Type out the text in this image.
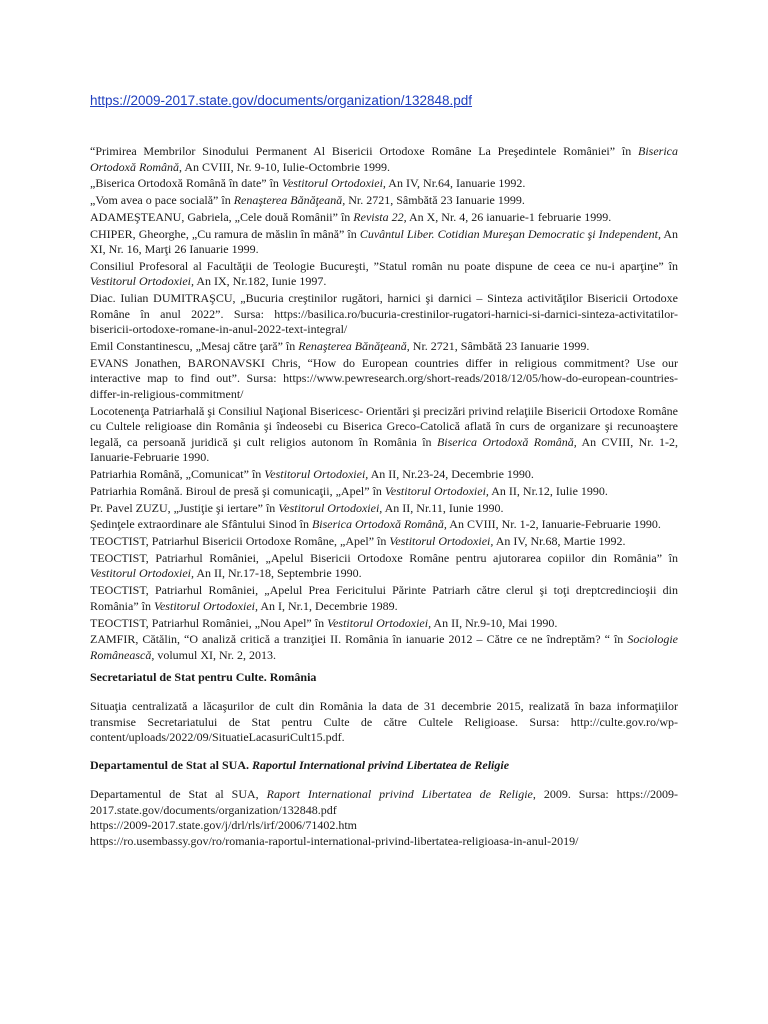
https://2009-2017.state.gov/documents/organization/132848.pdf

“Primirea Membrilor Sinodului Permanent Al Bisericii Ortodoxe Române La Preşedintele României” în Biserica Ortodoxă Română, An CVIII, Nr. 9-10, Iulie-Octombrie 1999.

„Biserica Ortodoxă Română în date” în Vestitorul Ortodoxiei, An IV, Nr.64, Ianuarie 1992.

„Vom avea o pace socială” în Renaşterea Bănăţeană, Nr. 2721, Sâmbătă 23 Ianuarie 1999.

ADAMEŞTEANU, Gabriela, „Cele două Românii” în Revista 22, An X, Nr. 4, 26 ianuarie-1 februarie 1999.

CHIPER, Gheorghe, „Cu ramura de măslin în mână” în Cuvântul Liber. Cotidian Mureşan Democratic şi Independent, An XI, Nr. 16, Marţi 26 Ianuarie 1999.

Consiliul Profesoral al Facultăţii de Teologie Bucureşti, ”Statul român nu poate dispune de ceea ce nu-i aparţine” în Vestitorul Ortodoxiei, An IX, Nr.182, Iunie 1997.

Diac. Iulian DUMITRAŞCU, „Bucuria creştinilor rugători, harnici şi darnici – Sinteza activităţilor Bisericii Ortodoxe Române în anul 2022”. Sursa: https://basilica.ro/bucuria-crestinilor-rugatori-harnici-si-darnici-sinteza-activitatilor-bisericii-ortodoxe-romane-in-anul-2022-text-integral/

Emil Constantinescu, „Mesaj către ţară” în Renaşterea Bănăţeană, Nr. 2721, Sâmbătă 23 Ianuarie 1999.

EVANS Jonathen, BARONAVSKI Chris, “How do European countries differ in religious commitment? Use our interactive map to find out”. Sursa: https://www.pewresearch.org/short-reads/2018/12/05/how-do-european-countries-differ-in-religious-commitment/

Locotenenţa Patriarhală şi Consiliul Naţional Bisericesc- Orientări şi precizări privind relaţiile Bisericii Ortodoxe Române cu Cultele religioase din România şi îndeosebi cu Biserica Greco-Catolică aflată în curs de organizare şi recunoaştere legală, ca persoană juridică şi cult religios autonom în România în Biserica Ortodoxă Română, An CVIII, Nr. 1-2, Ianuarie-Februarie 1990.

Patriarhia Română, „Comunicat” în Vestitorul Ortodoxiei, An II, Nr.23-24, Decembrie 1990.

Patriarhia Română. Biroul de presă şi comunicaţii, „Apel” în Vestitorul Ortodoxiei, An II, Nr.12, Iulie 1990.

Pr. Pavel ZUZU, „Justiţie şi iertare” în Vestitorul Ortodoxiei, An II, Nr.11, Iunie 1990.

Şedinţele extraordinare ale Sfântului Sinod în Biserica Ortodoxă Română, An CVIII, Nr. 1-2, Ianuarie-Februarie 1990.

TEOCTIST, Patriarhul Bisericii Ortodoxe Române, „Apel” în Vestitorul Ortodoxiei, An IV, Nr.68, Martie 1992.

TEOCTIST, Patriarhul României, „Apelul Bisericii Ortodoxe Române pentru ajutorarea copiilor din România” în Vestitorul Ortodoxiei, An II, Nr.17-18, Septembrie 1990.

TEOCTIST, Patriarhul României, „Apelul Prea Fericitului Părinte Patriarh către clerul şi toţi dreptcredincioşii din România” în Vestitorul Ortodoxiei, An I, Nr.1, Decembrie 1989.

TEOCTIST, Patriarhul României, „Nou Apel” în Vestitorul Ortodoxiei, An II, Nr.9-10, Mai 1990.

ZAMFIR, Cătălin, “O analiză critică a tranziţiei II. România în ianuarie 2012 – Către ce ne îndreptăm? “ în Sociologie Românească, volumul XI, Nr. 2, 2013.

Secretariatul de Stat pentru Culte. România
Situaţia centralizată a lăcaşurilor de cult din România la data de 31 decembrie 2015, realizată în baza informaţiilor transmise Secretariatului de Stat pentru Culte de către Cultele Religioase. Sursa: http://culte.gov.ro/wp-content/uploads/2022/09/SituatieLacasuriCult15.pdf.
Departamentul de Stat al SUA. Raportul International privind Libertatea de Religie
Departamentul de Stat al SUA, Raport International privind Libertatea de Religie, 2009. Sursa: https://2009-2017.state.gov/documents/organization/132848.pdf
https://2009-2017.state.gov/j/drl/rls/irf/2006/71402.htm
https://ro.usembassy.gov/ro/romania-raportul-international-privind-libertatea-religioasa-in-anul-2019/
